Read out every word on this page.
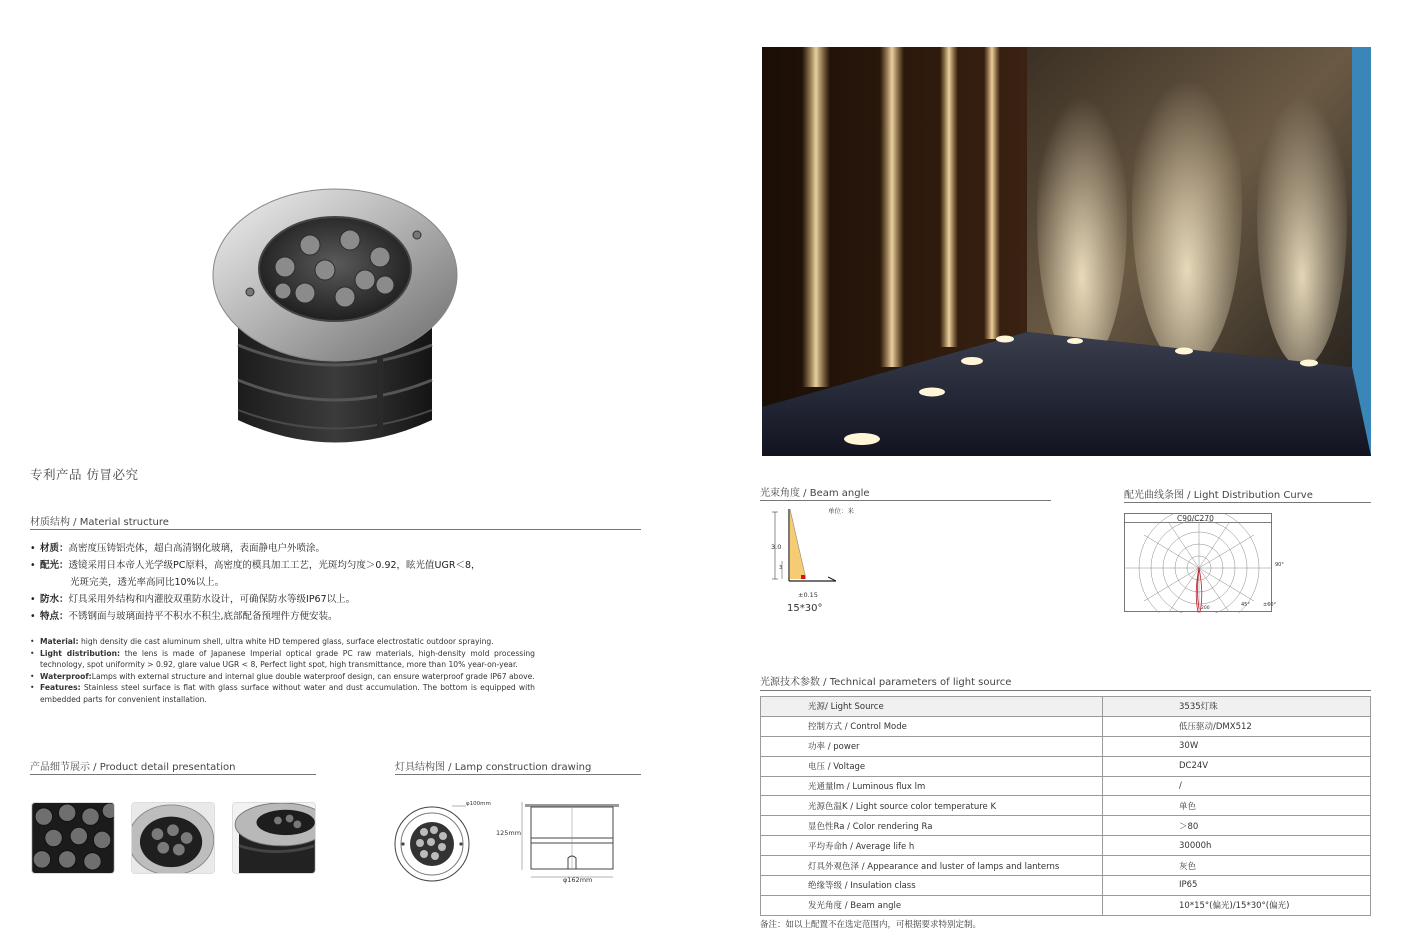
专利产品 仿冒必究
材质结构 / Material structure
• 材质：高密度压铸铝壳体，超白高清钢化玻璃，表面静电户外喷涂。
• 配光：透镜采用日本帝人光学级PC原料，高密度的模具加工工艺，光斑均匀度＞0.92，眩光值UGR＜8，
光斑完美，透光率高同比10%以上。
• 防水：灯具采用外结构和内灌胶双重防水设计，可确保防水等级IP67以上。
• 特点：不锈钢面与玻璃面持平不积水不积尘,底部配备预埋件方便安装。
• Material: high density die cast aluminum shell, ultra white HD tempered glass, surface electrostatic outdoor spraying.
• Light distribution: the lens is made of Japanese Imperial optical grade PC raw materials, high-density mold processing technology, spot uniformity > 0.92, glare value UGR < 8, Perfect light spot, high transmittance, more than 10% year-on-year.
• Waterproof:Lamps with external structure and internal glue double waterproof design, can ensure waterproof grade IP67 above.
• Features: Stainless steel surface is flat with glass surface without water and dust accumulation. The bottom is equipped with embedded parts for convenient installation.
产品细节展示 / Product detail presentation	灯具结构图 / Lamp construction drawing
φ100mm
125mm
φ162mm
光束角度 / Beam angle
单位：米
3.0
3
±0.15
15*30°
配光曲线条图 / Light Distribution Curve
C90/C270
90°
45°	±60°
200
光源技术参数 / Technical parameters of light source
光源/ Light Source	3535灯珠
控制方式 / Control Mode	低压驱动/DMX512
功率 / power	30W
电压 / Voltage	DC24V
光通量lm / Luminous flux lm	/
光源色温K / Light source color temperature K	单色
显色性Ra / Color rendering Ra	＞80
平均寿命h / Average life h	30000h
灯具外观色泽 / Appearance and luster of lamps and lanterns	灰色
绝缘等级 / Insulation class	IP65
发光角度 / Beam angle	10*15°(偏光)/15*30°(偏光)
备注：如以上配置不在选定范围内，可根据要求特别定制。
